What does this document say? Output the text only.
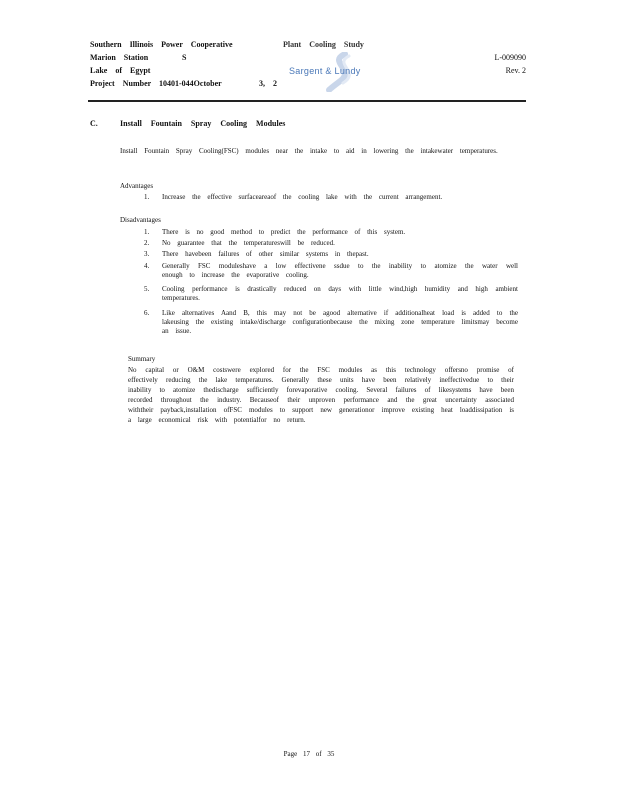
Southern Illinois Power Cooperative	Plant Cooling Study
Marion Station	S
Lake of Egypt
Project Number 10401-044October	3, 2
L-009090
Rev. 2
Sargent & Lundy
C.	Install Fountain Spray Cooling Modules
Install Fountain Spray Cooling(FSC) modules near the intake to aid in lowering the intakewater temperatures.
Advantages
1.	Increase the effective surfaceareaof the cooling lake with the current arrangement.
Disadvantages
1.	There is no good method to predict the performance of this system.
2.	No guarantee that the temperatureswill be reduced.
3.	There havebeen failures of other similar systems in thepast.
4.	Generally FSC moduleshave a low effectivene ssdue to the inability to atomize the water well enough to increase the evaporative cooling.
5.	Cooling performance is drastically reduced on days with little wind,high humidity and high ambient temperatures.
6.	Like alternatives Aand B, this may not be agood alternative if additionalheat load is added to the lakeusing the existing intake/discharge configurationbecause the mixing zone temperature limitsmay become an issue.
Summary
No capital or O&M costswere explored for the FSC modules as this technology offersno promise of effectively reducing the lake temperatures. Generally these units have been relatively ineffectivedue to their inability to atomize thedischarge sufficiently forevaporative cooling. Several failures of likesystems have been recorded throughout the industry. Becauseof their unproven performance and the great uncertainty associated withtheir payback,installation ofFSC modules to support new generationor improve existing heat loaddissipation is a large economical risk with potentialfor no return.
Page 17 of 35
